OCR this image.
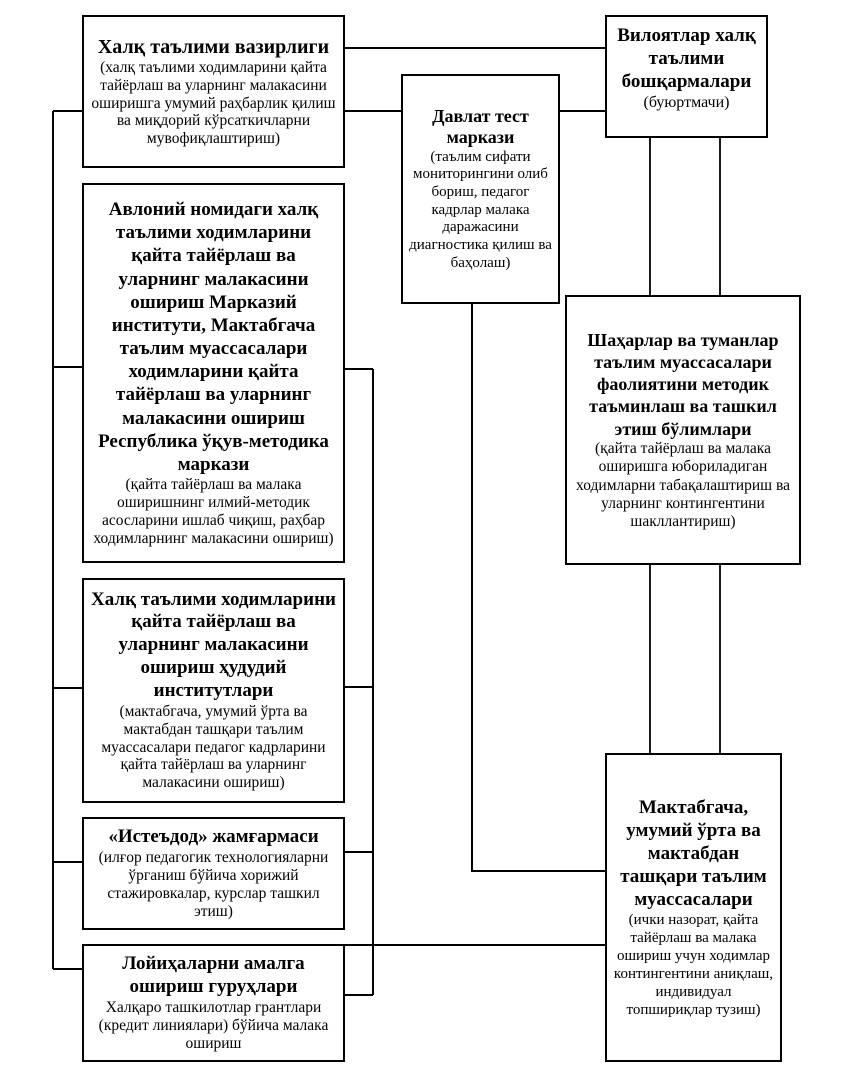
Халқ таълими вазирлиги
(халқ таълими ходимларини қайта тайёрлаш ва уларнинг малакасини оширишга умумий раҳбарлик қилиш ва миқдорий кўрсаткичларни мувофиқлаштириш)
Авлоний номидаги халқ таълими ходимларини қайта тайёрлаш ва уларнинг малакасини ошириш Марказий институти, Мактабгача таълим муассасалари ходимларини қайта тайёрлаш ва уларнинг малакасини ошириш Республика ўқув-методика маркази
(қайта тайёрлаш ва малака оширишнинг илмий-методик асосларини ишлаб чиқиш, раҳбар ходимларнинг малакасини ошириш)
Халқ таълими ходимларини қайта тайёрлаш ва уларнинг малакасини ошириш ҳудудий институтлари
(мактабгача, умумий ўрта ва мактабдан ташқари таълим муассасалари педагог кадрларини қайта тайёрлаш ва уларнинг малакасини ошириш)
«Истеъдод» жамғармаси
(илғор педагогик технологияларни ўрганиш бўйича хорижий стажировкалар, курслар ташкил этиш)
Лойиҳаларни амалга ошириш гуруҳлари
Халқаро ташкилотлар грантлари (кредит линиялари) бўйича малака ошириш
Давлат тест маркази
(таълим сифати мониторингини олиб бориш, педагог кадрлар малака даражасини диагностика қилиш ва баҳолаш)
Вилоятлар халқ таълими бошқармалари
(буюртмачи)
Шаҳарлар ва туманлар таълим муассасалари фаолиятини методик таъминлаш ва ташкил этиш бўлимлари
(қайта тайёрлаш ва малака оширишга юбориладиган ходимларни табақалаштириш ва уларнинг контингентини шакллантириш)
Мактабгача, умумий ўрта ва мактабдан ташқари таълим муассасалари
(ички назорат, қайта тайёрлаш ва малака ошириш учун ходимлар контингентини аниқлаш, индивидуал топшириқлар тузиш)
